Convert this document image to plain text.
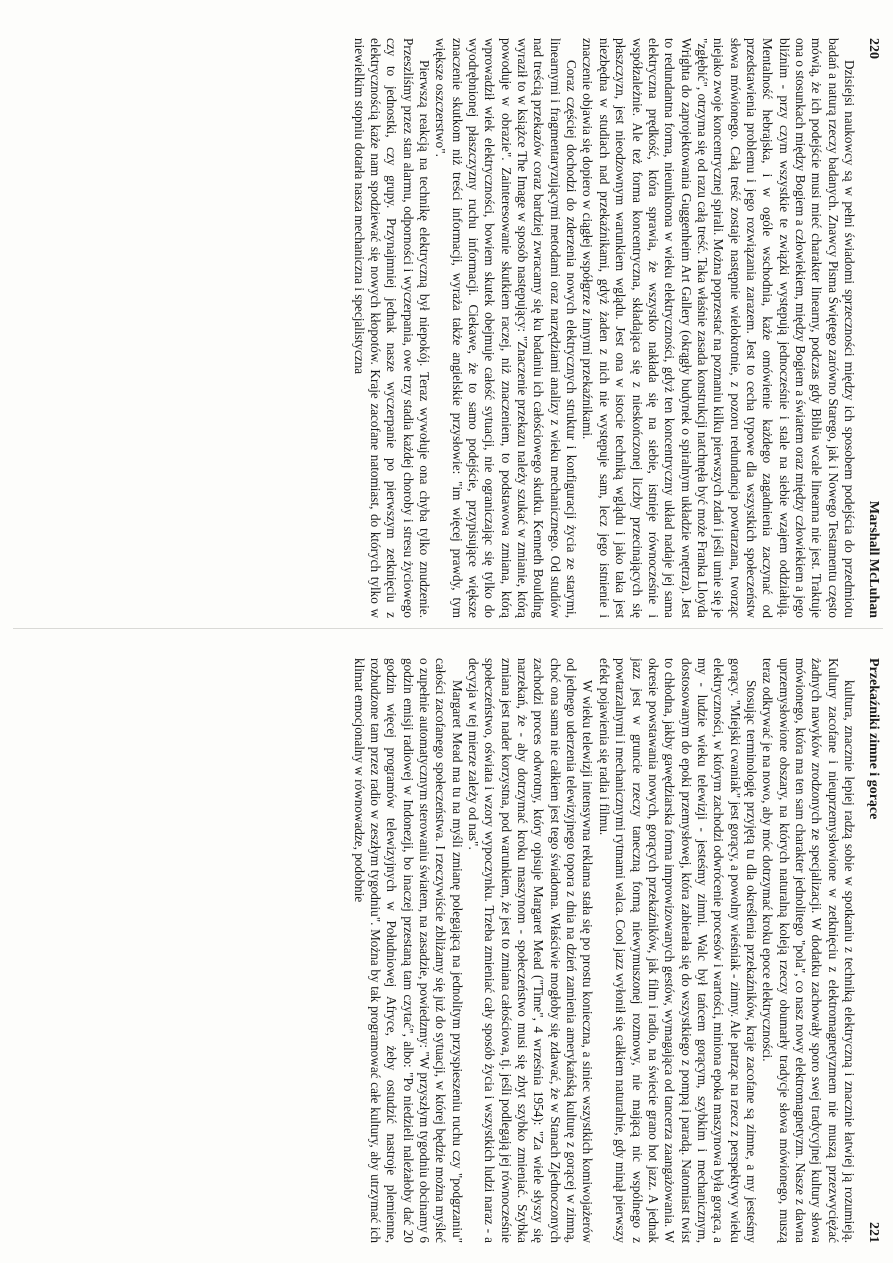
220
Marshall McLuhan

Dzisiejsi naukowcy są w pełni świadomi sprzeczności między ich sposobem podejścia do przedmiotu badań a naturą rzeczy badanych. Znawcy Pisma Świętego zarówno Starego, jak i Nowego Testamentu często mówią, że ich podejście musi mieć charakter linearny, podczas gdy Biblia wcale linearna nie jest. Traktuje ona o stosunkach między Bogiem a człowiekiem, między Bogiem a światem oraz między człowiekiem a jego bliźnim - przy czym wszystkie te związki występują jednocześnie i stale na siebie wzajem oddziałują. Mentalność hebrajska, i w ogóle wschodnia, każe omówienie każdego zagadnienia zaczynać od przedstawienia problemu i jego rozwiązania zarazem. Jest to cecha typowe dla wszystkich społeczeństw słowa mówionego. Całą treść zostaje następnie wielokrotnie, z pozoru redundancja powtarzana, tworząc niejako zwoje koncentrycznej spirali. Można poprzestać na poznaniu kilku pierwszych zdań i jeśli umie się je "zgłębić", otrzyma się od razu całą treść. Taka właśnie zasada konstrukcji natchnęła być może Franka Lloyda Wrighta do zaprojektowania Guggenheim Art Gallery (okrągły budynek o spiralnym układzie wnętrza). Jest to redundantna forma, nieuniknona w wieku elektryczności, gdyż ten koncentryczny układ nadaje jej sama elektryczna prędkość, która sprawia, że wszystko nakłada się na siebie, istnieje równocześnie i współzależnie. Ale też forma koncentryczna, składająca się z nieskończonej liczby przecinających się płaszczyzn, jest nieodzownym warunkiem wglądu. Jest ona w istocie techniką wglądu i jako taka jest niezbędna w studiach nad przekaźnikami, gdyż żaden z nich nie występuje sam, lecz jego istnienie i znaczenie objawia się dopiero w ciągłej współgrze z innymi przekaźnikami.

Coraz częściej dochodzi do zderzenia nowych elektrycznych struktur i konfiguracji życia ze starymi, linearnymi i fragmentaryzującymi metodami oraz narzędziami analizy z wieku mechanicznego. Od studiów nad treścią przekazów coraz bardziej zwracamy się ku badaniu ich całościowego skutku. Kenneth Boulding wyraził to w książce The Image w sposób następujący: "Znaczenie przekazu należy szukać w zmianie, którą powoduje w obrazie". Zainteresowanie skutkiem raczej, niż znaczeniem, to podstawowa zmiana, którą wprowadził wiek elektryczności, bowiem skutek obejmuje całość sytuacji, nie ograniczając się tylko do wyodrębnionej płaszczyzny ruchu informacji. Ciekawe, że to samo podejście, przypisujące większe znaczenie skutkom niż treści informacji, wyraża także angielskie przysłowie: "im więcej prawdy, tym większe oszczerstwo".

Pierwszą reakcją na technikę elektryczną był niepokój. Teraz wywołuje ona chyba tylko znudzenie. Przeszliśmy przez stan alarmu, odporności i wyczerpania, owe trzy stadia każdej choroby i stresu życiowego czy to jednostki, czy grupy. Przynajmniej jednak nasze wyczerpanie po pierwszym zetknięciu z elektrycznością każe nam spodziewać się nowych kłopotów. Kraje zacofane natomiast, do których tylko w niewielkim stopniu dotarła nasza mechaniczna i specjalistyczna

Przekaźniki zimne i gorące
221

kultura, znacznie lepiej radzą sobie w spotkaniu z techniką elektryczną i znacznie łatwiej ją rozumieją. Kultury zacofane i nieuprzemysłowione w zetknięciu z elektromagnetyzmem nie muszą przezwyciężać żadnych nawyków zrodzonych ze specjalizacji. W dodatku zachowały sporo swej tradycyjnej kultury słowa mówionego, która ma ten sam charakter jednolitego "pola", co nasz nowy elektromagnetyzm. Nasze z dawna uprzemysłowione obszary, na których naturalną koleją rzeczy obumarły tradycje słowa mówionego, muszą teraz odkrywać je na nowo, aby móc dotrzymać kroku epoce elektryczności.

Stosując terminologię przyjętą tu dla określenia przekaźników, kraje zacofane są zimne, a my jesteśmy gorący. "Miejski cwaniak" jest gorący, a powolny wieśniak - zimny. Ale patrząc na rzecz z perspektywy wieku elektryczności, w którym zachodzi odwrócenie procesów i wartości, miniona epoka maszynowa była gorąca, a my - ludzie wieku telewizji - jesteśmy zimni. Walc był tańcem gorącym, szybkim i mechanicznym, dostosowanym do epoki przemysłowej, która zabierała się do wszystkiego z pompą i paradą. Natomiast twist to chłodna, jakby gawędziarska forma improwizowanych gestów, wymagająca od tancerza zaangażowania. W okresie powstawania nowych, gorących przekaźników, jak film i radio, na świecie grano hot jazz. A jednak jazz jest w gruncie rzeczy taneczną formą niewymuszonej rozmowy, nie mającą nic wspólnego z powtarzalnymi i mechanicznymi rytmami walca. Cool jazz wyłonił się całkiem naturalnie, gdy minął pierwszy efekt pojawienia się radia i filmu.

W wieku telewizji intensywna reklama stała się po prostu konieczna, a siniec wszystkich komiwojażerów od jednego uderzenia telewizyjnego topora z dnia na dzień zamienia amerykańską kulturę z gorącej w zimną, choć ona sama nie całkiem jest tego świadoma. Właściwie mogłoby się zdawać, że w Stanach Zjednoczonych zachodzi proces odwrotny, który opisuje Margaret Mead ("Time", 4 września 1954): "Za wiele słyszy się narzekań, że - aby dotrzymać kroku maszynom - społeczeństwo musi się zbyt szybko zmieniać. Szybka zmiana jest nader korzystna, pod warunkiem, że jest to zmiana całościowa, tj. jeśli podlegają jej równocześnie społeczeństwo, oświata i wzory wypoczynku. Trzeba zmieniać cały sposób życia i wszystkich ludzi naraz - a decyzja w tej mierze zależy od nas".

Margaret Mead ma tu na myśli zmianę polegającą na jednolitym przyspieszeniu ruchu czy "podgrzaniu" całości zacofanego społeczeństwa. I rzeczywiście zbliżamy się już do sytuacji, w której będzie można myśleć o zupełnie automatycznym sterowaniu światem, na zasadzie, powiedzmy: "W przyszłym tygodniu obcinamy 6 godzin emisji radiowej w Indonezji, bo inaczej przestaną tam czytać", albo: "Po niedzieli należałoby dać 20 godzin więcej programów telewizyjnych w Południowej Afryce, żeby ostudzić nastroje plemienne, rozbudzone tam przez radio w zeszłym tygodniu". Można by tak programować całe kultury, aby utrzymać ich klimat emocjonalny w równowadze, podobnie
